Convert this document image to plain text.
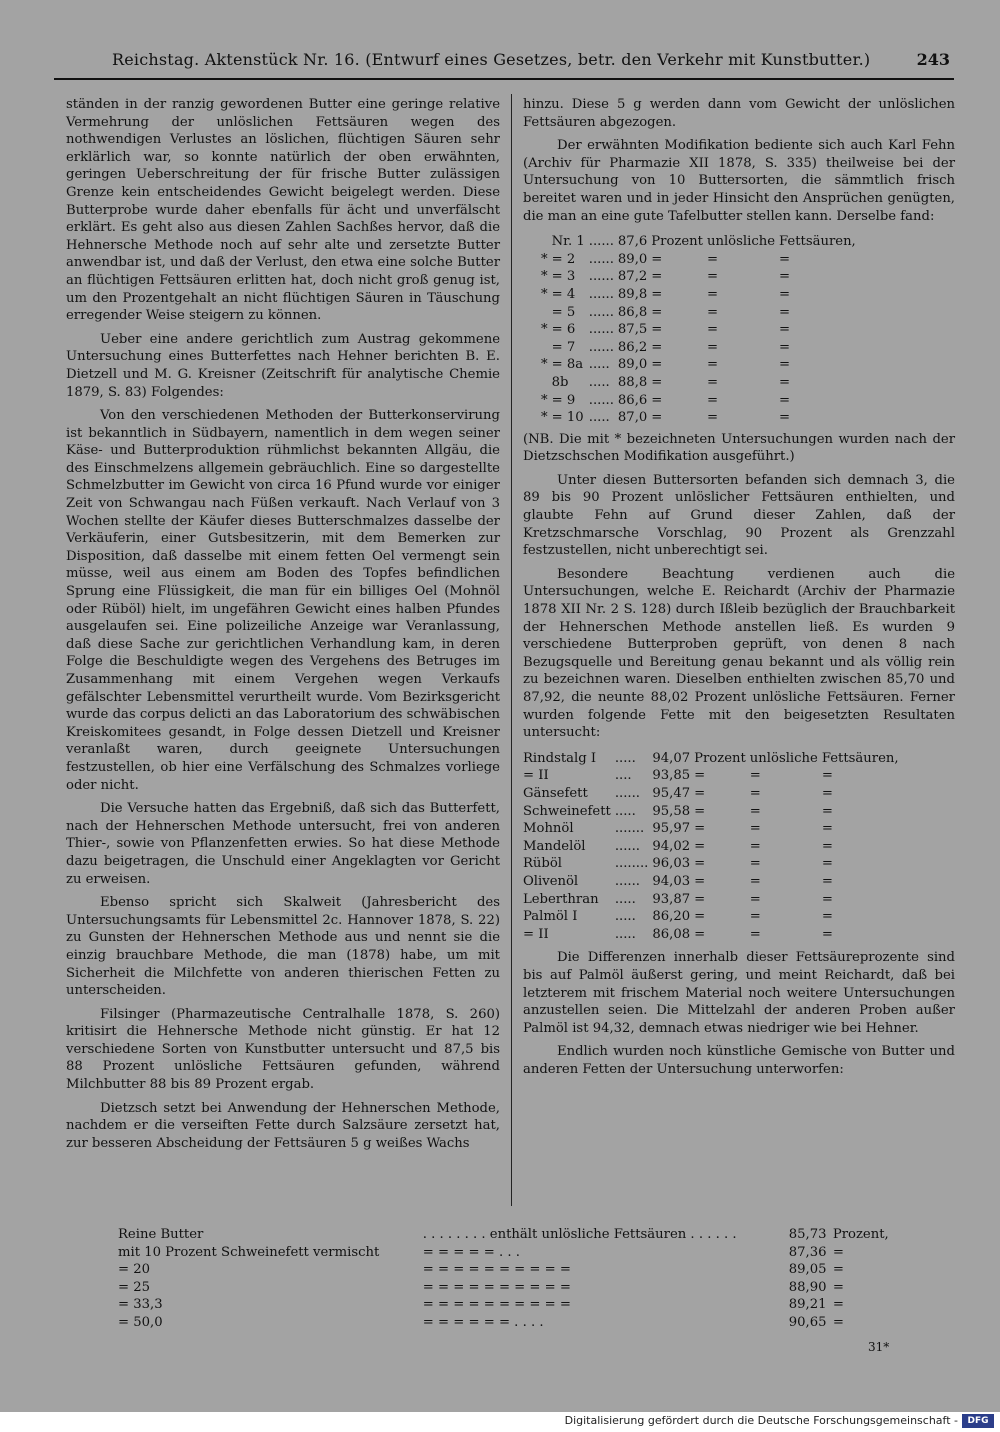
Reichstag. Aktenstück Nr. 16. (Entwurf eines Gesetzes, betr. den Verkehr mit Kunstbutter.)	243

ständen in der ranzig gewordenen Butter eine geringe relative Vermehrung der unlöslichen Fettsäuren wegen des nothwendigen Verlustes an löslichen, flüchtigen Säuren sehr erklärlich war, so konnte natürlich der oben erwähnten, geringen Ueberschreitung der für frische Butter zulässigen Grenze kein entscheidendes Gewicht beigelegt werden. Diese Butterprobe wurde daher ebenfalls für ächt und unverfälscht erklärt. Es geht also aus diesen Zahlen Sachßes hervor, daß die Hehnersche Methode noch auf sehr alte und zersetzte Butter anwendbar ist, und daß der Verlust, den etwa eine solche Butter an flüchtigen Fettsäuren erlitten hat, doch nicht groß genug ist, um den Prozentgehalt an nicht flüchtigen Säuren in Täuschung erregender Weise steigern zu können.

Ueber eine andere gerichtlich zum Austrag gekommene Untersuchung eines Butterfettes nach Hehner berichten B. E. Dietzell und M. G. Kreisner (Zeitschrift für analytische Chemie 1879, S. 83) Folgendes:

Von den verschiedenen Methoden der Butterkonservirung ist bekanntlich in Südbayern, namentlich in dem wegen seiner Käse- und Butterproduktion rühmlichst bekannten Allgäu, die des Einschmelzens allgemein gebräuchlich. Eine so dargestellte Schmelzbutter im Gewicht von circa 16 Pfund wurde vor einiger Zeit von Schwangau nach Füßen verkauft. Nach Verlauf von 3 Wochen stellte der Käufer dieses Butterschmalzes dasselbe der Verkäuferin, einer Gutsbesitzerin, mit dem Bemerken zur Disposition, daß dasselbe mit einem fetten Oel vermengt sein müsse, weil aus einem am Boden des Topfes befindlichen Sprung eine Flüssigkeit, die man für ein billiges Oel (Mohnöl oder Rüböl) hielt, im ungefähren Gewicht eines halben Pfundes ausgelaufen sei. Eine polizeiliche Anzeige war Veranlassung, daß diese Sache zur gerichtlichen Verhandlung kam, in deren Folge die Beschuldigte wegen des Vergehens des Betruges im Zusammenhang mit einem Vergehen wegen Verkaufs gefälschter Lebensmittel verurtheilt wurde. Vom Bezirksgericht wurde das corpus delicti an das Laboratorium des schwäbischen Kreiskomitees gesandt, in Folge dessen Dietzell und Kreisner veranlaßt waren, durch geeignete Untersuchungen festzustellen, ob hier eine Verfälschung des Schmalzes vorliege oder nicht.

Die Versuche hatten das Ergebniß, daß sich das Butterfett, nach der Hehnerschen Methode untersucht, frei von anderen Thier-, sowie von Pflanzenfetten erwies. So hat diese Methode dazu beigetragen, die Unschuld einer Angeklagten vor Gericht zu erweisen.

Ebenso spricht sich Skalweit (Jahresbericht des Untersuchungsamts für Lebensmittel 2c. Hannover 1878, S. 22) zu Gunsten der Hehnerschen Methode aus und nennt sie die einzig brauchbare Methode, die man (1878) habe, um mit Sicherheit die Milchfette von anderen thierischen Fetten zu unterscheiden.

Filsinger (Pharmazeutische Centralhalle 1878, S. 260) kritisirt die Hehnersche Methode nicht günstig. Er hat 12 verschiedene Sorten von Kunstbutter untersucht und 87,5 bis 88 Prozent unlösliche Fettsäuren gefunden, während Milchbutter 88 bis 89 Prozent ergab.

Dietzsch setzt bei Anwendung der Hehnerschen Methode, nachdem er die verseiften Fette durch Salzsäure zersetzt hat, zur besseren Abscheidung der Fettsäuren 5 g weißes Wachs

hinzu. Diese 5 g werden dann vom Gewicht der unlöslichen Fettsäuren abgezogen.

Der erwähnten Modifikation bediente sich auch Karl Fehn (Archiv für Pharmazie XII 1878, S. 335) theilweise bei der Untersuchung von 10 Buttersorten, die sämmtlich frisch bereitet waren und in jeder Hinsicht den Ansprüchen genügten, die man an eine gute Tafelbutter stellen kann. Derselbe fand:

	Nr. 1	......	87,6	Prozent	unlösliche	Fettsäuren,
*	= 2	......	89,0	=	=	=
*	= 3	......	87,2	=	=	=
*	= 4	......	89,8	=	=	=
	= 5	......	86,8	=	=	=
*	= 6	......	87,5	=	=	=
	= 7	......	86,2	=	=	=
*	= 8a	.....	89,0	=	=	=
	8b	.....	88,8	=	=	=
*	= 9	......	86,6	=	=	=
*	= 10	.....	87,0	=	=	=

(NB. Die mit * bezeichneten Untersuchungen wurden nach der Dietzschschen Modifikation ausgeführt.)

Unter diesen Buttersorten befanden sich demnach 3, die 89 bis 90 Prozent unlöslicher Fettsäuren enthielten, und glaubte Fehn auf Grund dieser Zahlen, daß der Kretzschmarsche Vorschlag, 90 Prozent als Grenzzahl festzustellen, nicht unberechtigt sei.

Besondere Beachtung verdienen auch die Untersuchungen, welche E. Reichardt (Archiv der Pharmazie 1878 XII Nr. 2 S. 128) durch Ißleib bezüglich der Brauchbarkeit der Hehnerschen Methode anstellen ließ. Es wurden 9 verschiedene Butterproben geprüft, von denen 8 nach Bezugsquelle und Bereitung genau bekannt und als völlig rein zu bezeichnen waren. Dieselben enthielten zwischen 85,70 und 87,92, die neunte 88,02 Prozent unlösliche Fettsäuren. Ferner wurden folgende Fette mit den beigesetzten Resultaten untersucht:

Rindstalg I	.....	94,07	Prozent	unlösliche	Fettsäuren,
= II	....	93,85	=	=	=
Gänsefett	......	95,47	=	=	=
Schweinefett	.....	95,58	=	=	=
Mohnöl	.......	95,97	=	=	=
Mandelöl	......	94,02	=	=	=
Rüböl	........	96,03	=	=	=
Olivenöl	......	94,03	=	=	=
Leberthran	.....	93,87	=	=	=
Palmöl I	.....	86,20	=	=	=
= II	.....	86,08	=	=	=

Die Differenzen innerhalb dieser Fettsäureprozente sind bis auf Palmöl äußerst gering, und meint Reichardt, daß bei letzterem mit frischem Material noch weitere Untersuchungen anzustellen seien. Die Mittelzahl der anderen Proben außer Palmöl ist 94,32, demnach etwas niedriger wie bei Hehner.

Endlich wurden noch künstliche Gemische von Butter und anderen Fetten der Untersuchung unterworfen:

Reine Butter	. . . . . . . . enthält unlösliche Fettsäuren . . . . . .	85,73	Prozent,
mit 10 Prozent Schweinefett vermischt	= = = = = . . .	87,36	=
= 20	= = = = = = = = = =	89,05	=
= 25	= = = = = = = = = =	88,90	=
= 33,3	= = = = = = = = = =	89,21	=
= 50,0	= = = = = = . . . .	90,65	=
31*
Digitalisierung gefördert durch die Deutsche Forschungsgemeinschaft -	DFG
